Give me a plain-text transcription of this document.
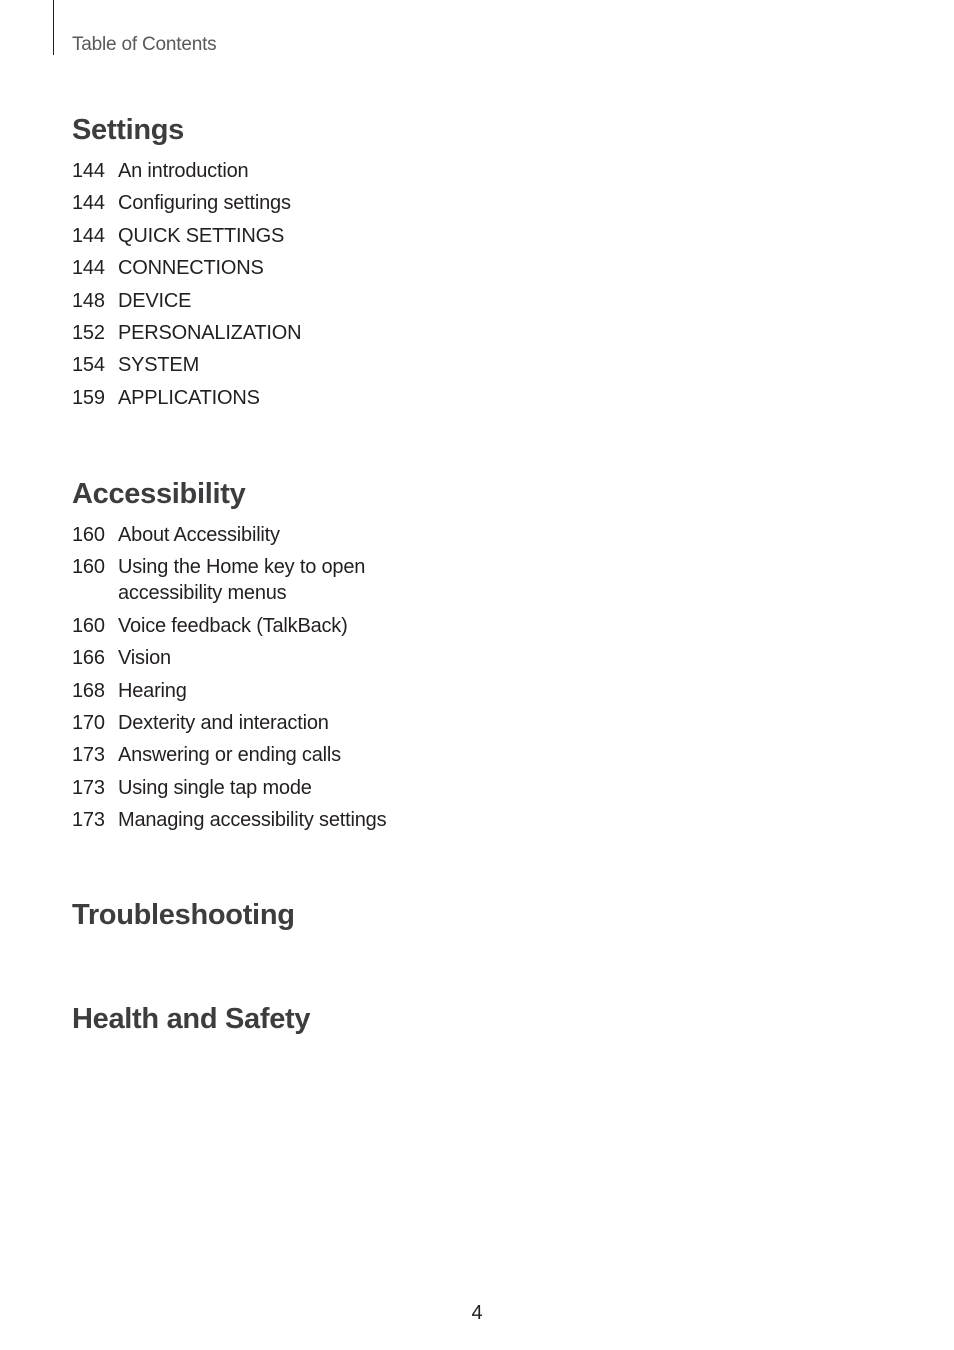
Table of Contents
Settings
144 An introduction
144 Configuring settings
144 QUICK SETTINGS
144 CONNECTIONS
148 DEVICE
152 PERSONALIZATION
154 SYSTEM
159 APPLICATIONS
Accessibility
160 About Accessibility
160 Using the Home key to open accessibility menus
160 Voice feedback (TalkBack)
166 Vision
168 Hearing
170 Dexterity and interaction
173 Answering or ending calls
173 Using single tap mode
173 Managing accessibility settings
Troubleshooting
Health and Safety
4
